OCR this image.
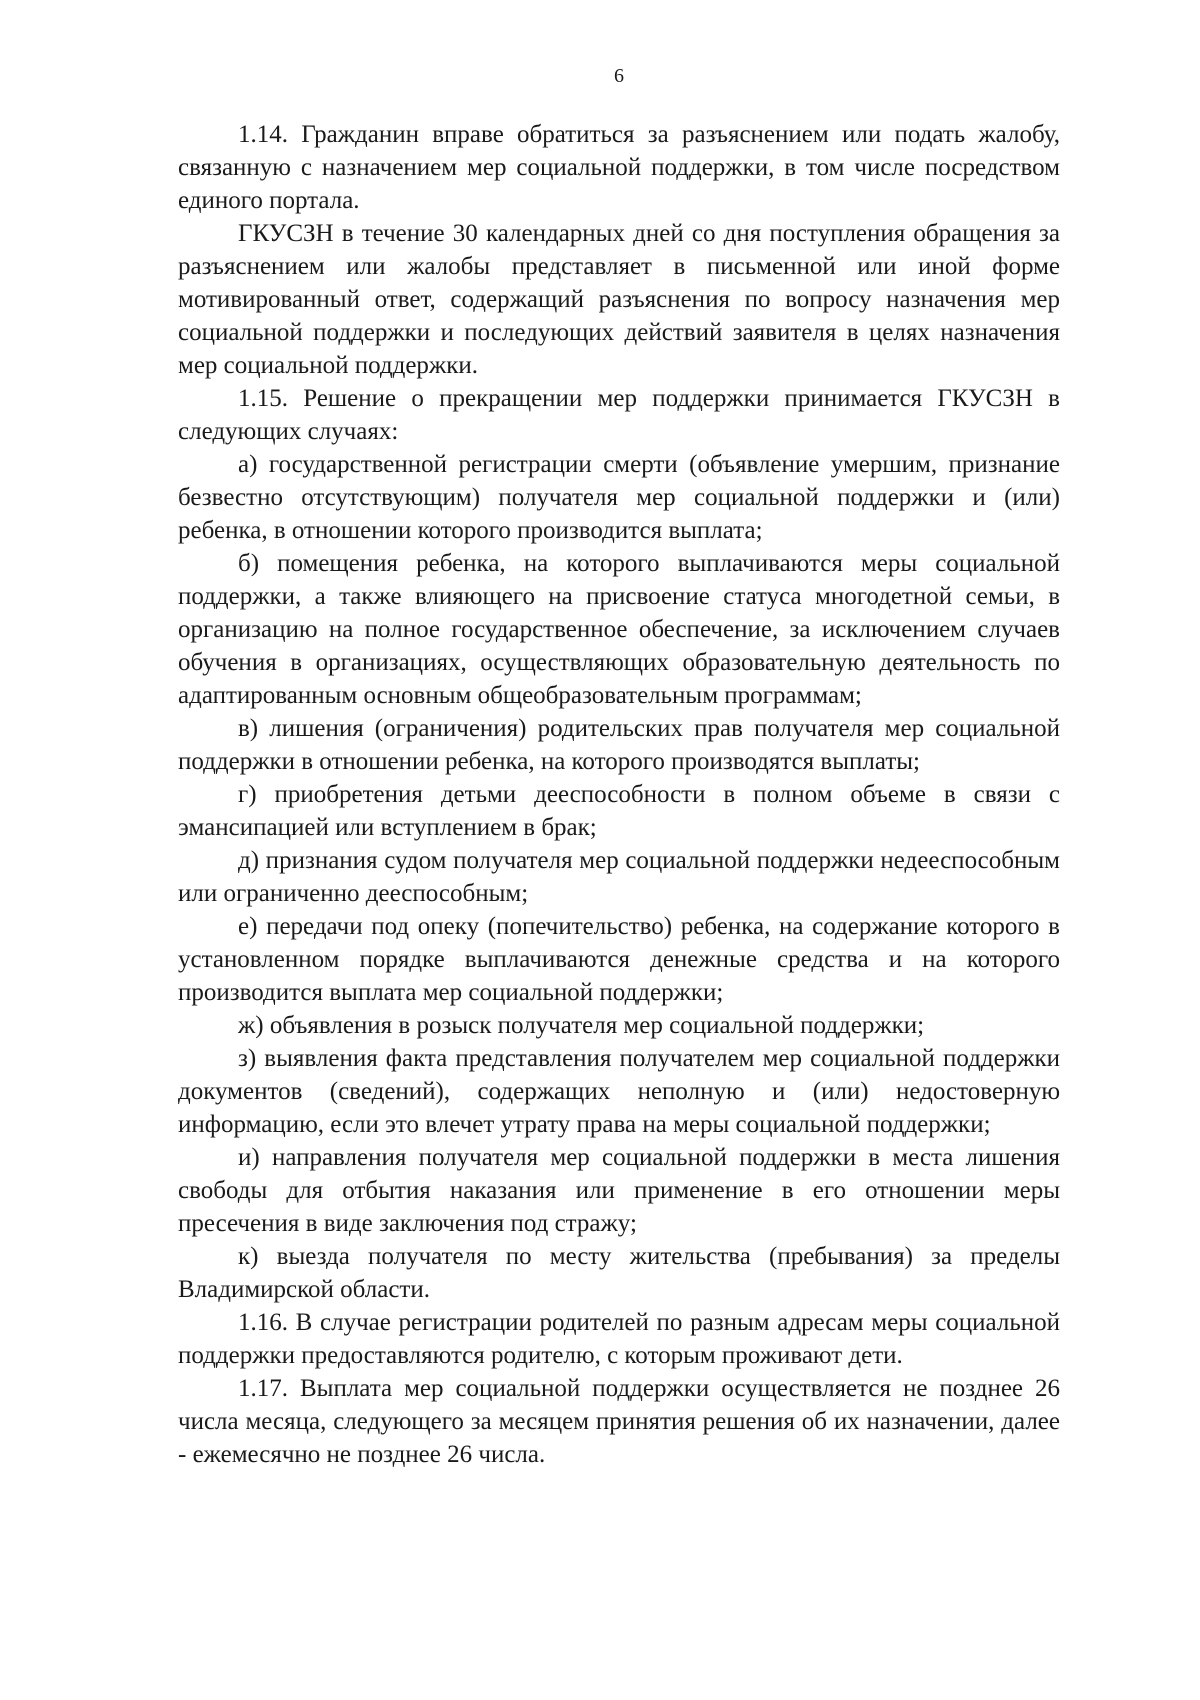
6

1.14. Гражданин вправе обратиться за разъяснением или подать жалобу, связанную с назначением мер социальной поддержки, в том числе посредством единого портала.

ГКУСЗН в течение 30 календарных дней со дня поступления обращения за разъяснением или жалобы представляет в письменной или иной форме мотивированный ответ, содержащий разъяснения по вопросу назначения мер социальной поддержки и последующих действий заявителя в целях назначения мер социальной поддержки.

1.15. Решение о прекращении мер поддержки принимается ГКУСЗН в следующих случаях:

а) государственной регистрации смерти (объявление умершим, признание безвестно отсутствующим) получателя мер социальной поддержки и (или) ребенка, в отношении которого производится выплата;

б) помещения ребенка, на которого выплачиваются меры социальной поддержки, а также влияющего на присвоение статуса многодетной семьи, в организацию на полное государственное обеспечение, за исключением случаев обучения в организациях, осуществляющих образовательную деятельность по адаптированным основным общеобразовательным программам;

в) лишения (ограничения) родительских прав получателя мер социальной поддержки в отношении ребенка, на которого производятся выплаты;

г) приобретения детьми дееспособности в полном объеме в связи с эмансипацией или вступлением в брак;

д) признания судом получателя мер социальной поддержки недееспособным или ограниченно дееспособным;

е) передачи под опеку (попечительство) ребенка, на содержание которого в установленном порядке выплачиваются денежные средства и на которого производится выплата мер социальной поддержки;

ж) объявления в розыск получателя мер социальной поддержки;

з) выявления факта представления получателем мер социальной поддержки документов (сведений), содержащих неполную и (или) недостоверную информацию, если это влечет утрату права на меры социальной поддержки;

и) направления получателя мер социальной поддержки в места лишения свободы для отбытия наказания или применение в его отношении меры пресечения в виде заключения под стражу;

к) выезда получателя по месту жительства (пребывания) за пределы Владимирской области.

1.16. В случае регистрации родителей по разным адресам меры социальной поддержки предоставляются родителю, с которым проживают дети.

1.17. Выплата мер социальной поддержки осуществляется не позднее 26 числа месяца, следующего за месяцем принятия решения об их назначении, далее - ежемесячно не позднее 26 числа.
